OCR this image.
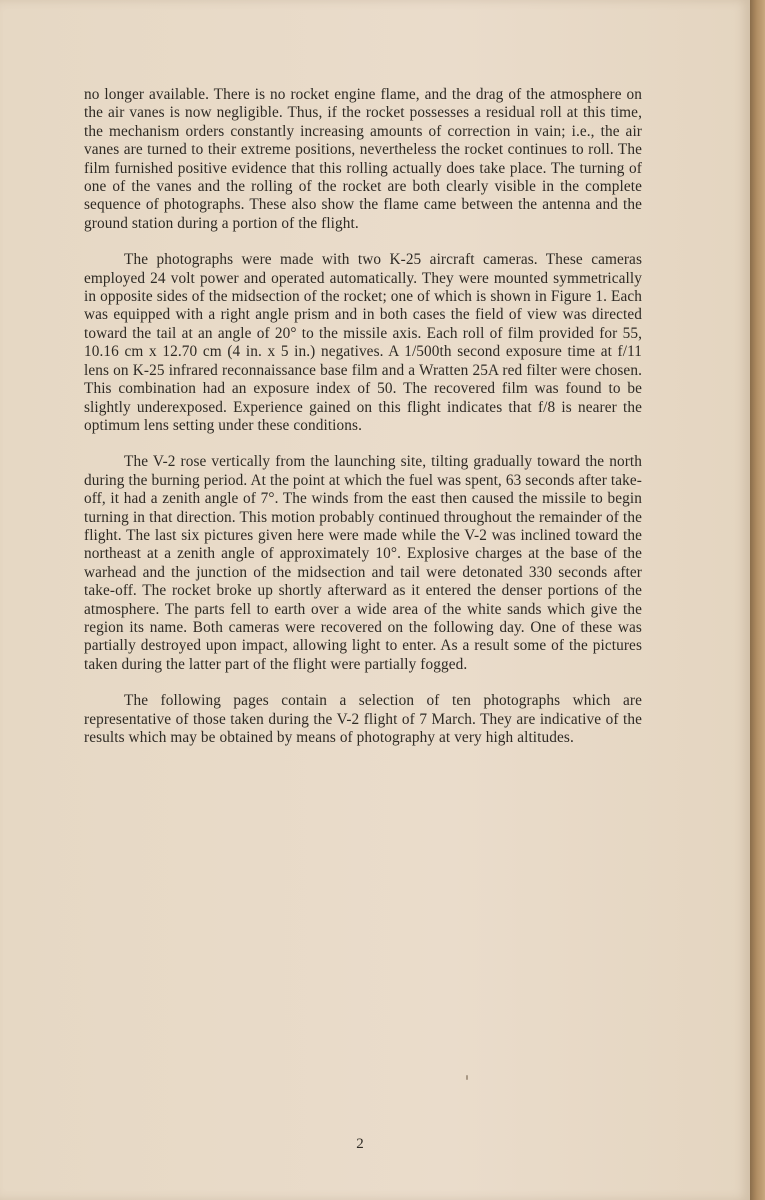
no longer available. There is no rocket engine flame, and the drag of the atmosphere on the air vanes is now negligible. Thus, if the rocket possesses a residual roll at this time, the mechanism orders constantly increasing amounts of correction in vain; i.e., the air vanes are turned to their extreme positions, nevertheless the rocket continues to roll. The film furnished positive evidence that this rolling actually does take place. The turning of one of the vanes and the rolling of the rocket are both clearly visible in the complete sequence of photographs. These also show the flame came between the antenna and the ground station during a portion of the flight.

The photographs were made with two K-25 aircraft cameras. These cameras employed 24 volt power and operated automatically. They were mounted symmetrically in opposite sides of the midsection of the rocket; one of which is shown in Figure 1. Each was equipped with a right angle prism and in both cases the field of view was directed toward the tail at an angle of 20° to the missile axis. Each roll of film provided for 55, 10.16 cm x 12.70 cm (4 in. x 5 in.) negatives. A 1/500th second exposure time at f/11 lens on K-25 infrared reconnaissance base film and a Wratten 25A red filter were chosen. This combination had an exposure index of 50. The recovered film was found to be slightly underexposed. Experience gained on this flight indicates that f/8 is nearer the optimum lens setting under these conditions.

The V-2 rose vertically from the launching site, tilting gradually toward the north during the burning period. At the point at which the fuel was spent, 63 seconds after take-off, it had a zenith angle of 7°. The winds from the east then caused the missile to begin turning in that direction. This motion probably continued throughout the remainder of the flight. The last six pictures given here were made while the V-2 was inclined toward the northeast at a zenith angle of approximately 10°. Explosive charges at the base of the warhead and the junction of the midsection and tail were detonated 330 seconds after take-off. The rocket broke up shortly afterward as it entered the denser portions of the atmosphere. The parts fell to earth over a wide area of the white sands which give the region its name. Both cameras were recovered on the following day. One of these was partially destroyed upon impact, allowing light to enter. As a result some of the pictures taken during the latter part of the flight were partially fogged.

The following pages contain a selection of ten photographs which are representative of those taken during the V-2 flight of 7 March. They are indicative of the results which may be obtained by means of photography at very high altitudes.

2
